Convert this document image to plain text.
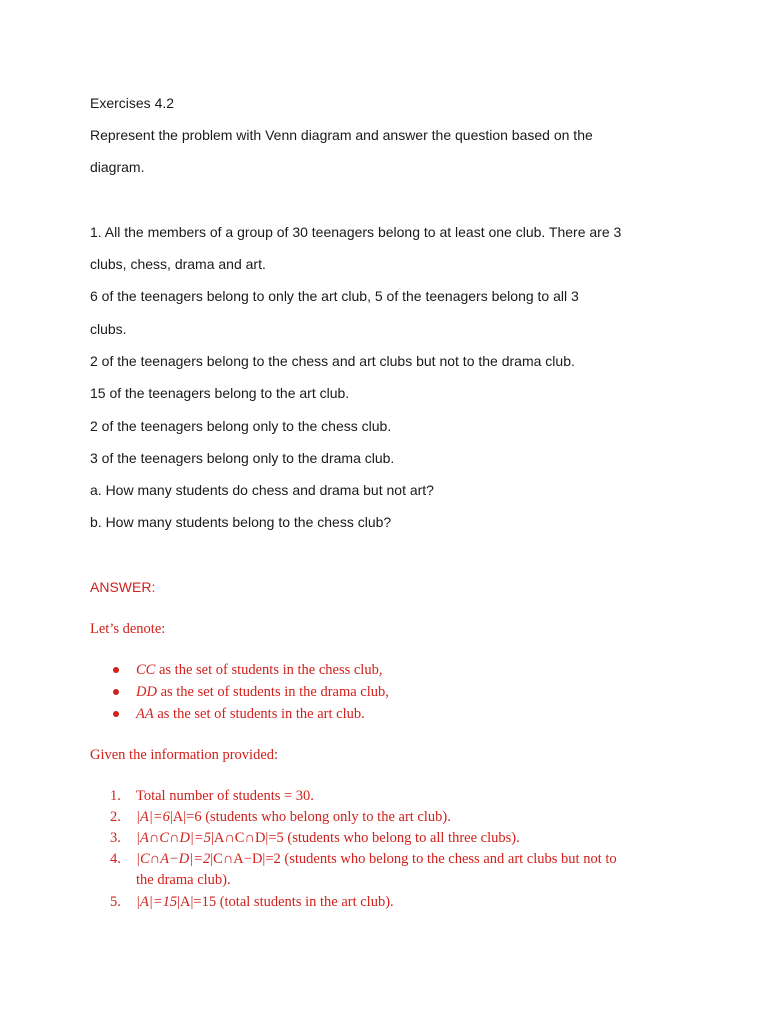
Exercises 4.2
Represent the problem with Venn diagram and answer the question based on the
diagram.
1. All the members of a group of 30 teenagers belong to at least one club. There are 3
clubs, chess, drama and art.
6 of the teenagers belong to only the art club, 5 of the teenagers belong to all 3
clubs.
2 of the teenagers belong to the chess and art clubs but not to the drama club.
15 of the teenagers belong to the art club.
2 of the teenagers belong only to the chess club.
3 of the teenagers belong only to the drama club.
a. How many students do chess and drama but not art?
b. How many students belong to the chess club?
ANSWER:
Let’s denote:
CC as the set of students in the chess club,
DD as the set of students in the drama club,
AA as the set of students in the art club.
Given the information provided:
1.	Total number of students = 30.
2.	|A|=6|A|=6 (students who belong only to the art club).
3.	|A∩C∩D|=5|A∩C∩D|=5 (students who belong to all three clubs).
4.	|C∩A−D|=2|C∩A−D|=2 (students who belong to the chess and art clubs but not to
the drama club).
5.	|A|=15|A|=15 (total students in the art club).
